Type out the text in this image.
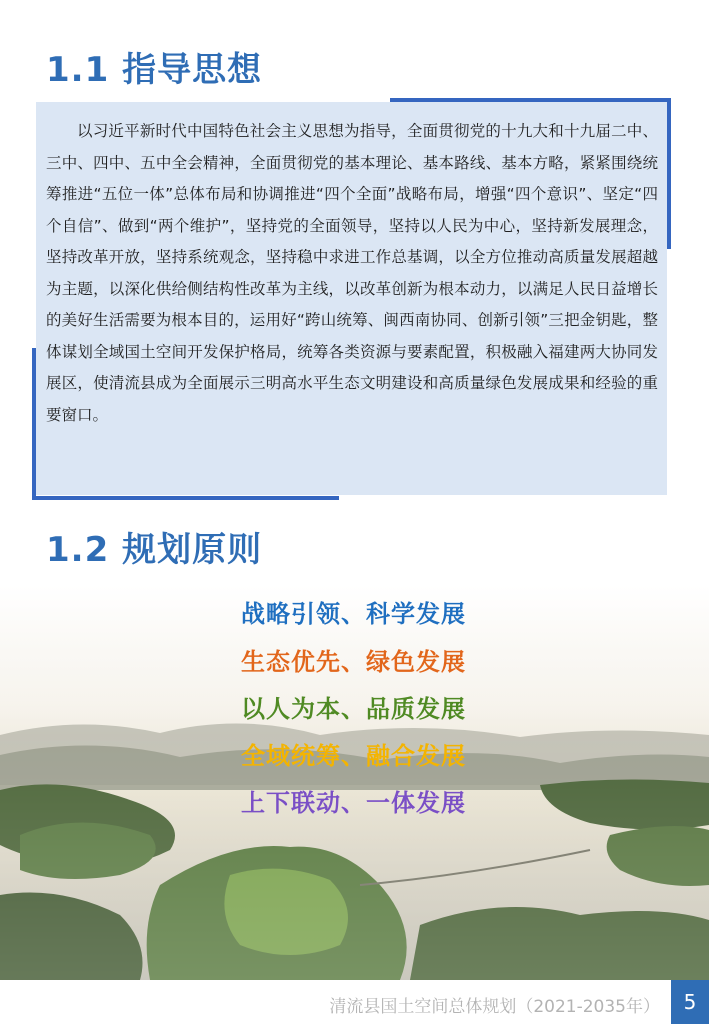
1.1 指导思想

以习近平新时代中国特色社会主义思想为指导，全面贯彻党的十九大和十九届二中、三中、四中、五中全会精神，全面贯彻党的基本理论、基本路线、基本方略，紧紧围绕统筹推进“五位一体”总体布局和协调推进“四个全面”战略布局，增强“四个意识”、坚定“四个自信”、做到“两个维护”，坚持党的全面领导，坚持以人民为中心，坚持新发展理念，坚持改革开放，坚持系统观念，坚持稳中求进工作总基调，以全方位推动高质量发展超越为主题，以深化供给侧结构性改革为主线，以改革创新为根本动力，以满足人民日益增长的美好生活需要为根本目的，运用好“跨山统筹、闽西南协同、创新引领”三把金钥匙，整体谋划全域国土空间开发保护格局，统筹各类资源与要素配置，积极融入福建两大协同发展区，使清流县成为全面展示三明高水平生态文明建设和高质量绿色发展成果和经验的重要窗口。

1.2 规划原则

战略引领、科学发展

生态优先、绿色发展

以人为本、品质发展

全域统筹、融合发展

上下联动、一体发展

清流县国土空间总体规划（2021-2035年）	5
